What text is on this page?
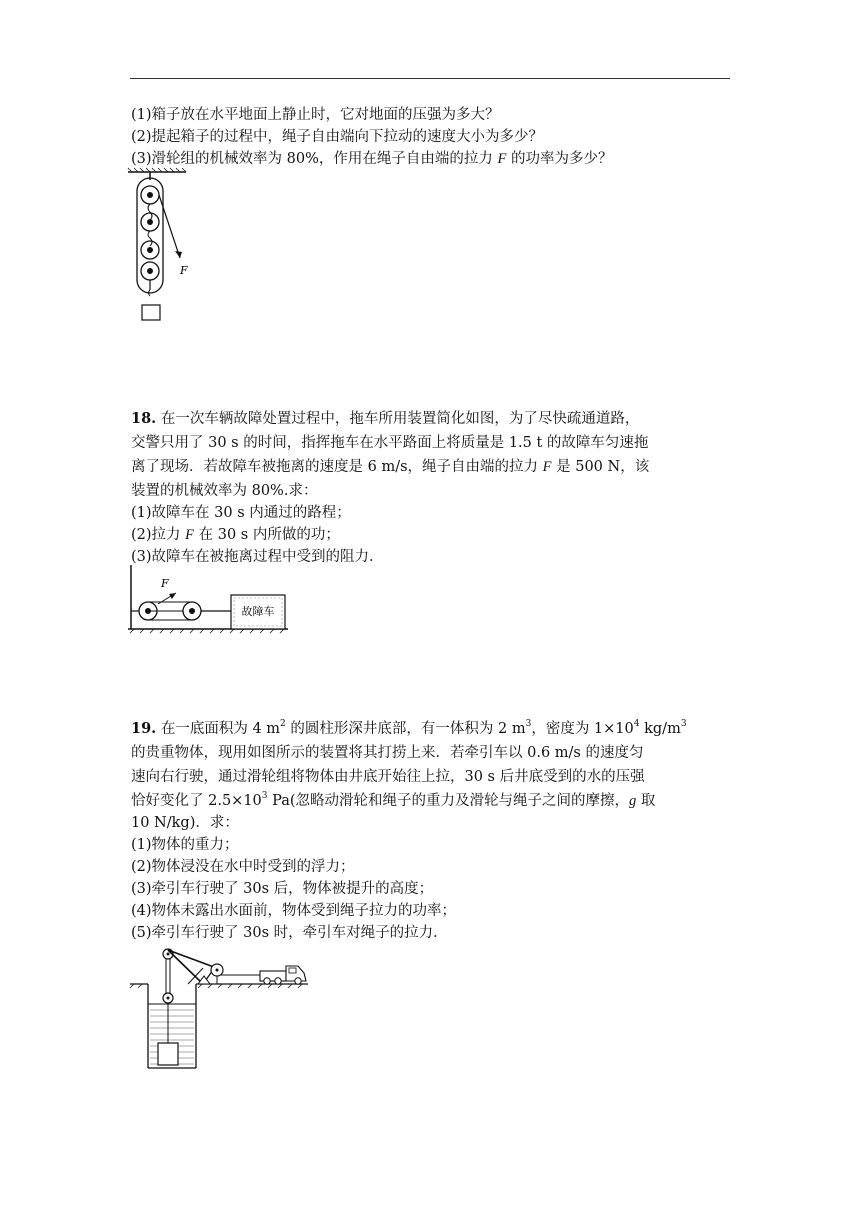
(1)箱子放在水平地面上静止时，它对地面的压强为多大？
(2)提起箱子的过程中，绳子自由端向下拉动的速度大小为多少？
(3)滑轮组的机械效率为 80%，作用在绳子自由端的拉力 F 的功率为多少？
F
18. 在一次车辆故障处置过程中，拖车所用装置简化如图，为了尽快疏通道路，
交警只用了 30 s 的时间，指挥拖车在水平路面上将质量是 1.5 t 的故障车匀速拖
离了现场．若故障车被拖离的速度是 6 m/s，绳子自由端的拉力 F 是 500 N，该
装置的机械效率为 80%.求：
(1)故障车在 30 s 内通过的路程；
(2)拉力 F 在 30 s 内所做的功；
(3)故障车在被拖离过程中受到的阻力．
F
故障车
19. 在一底面积为 4 $m^2$ 的圆柱形深井底部，有一体积为 2 $m^3$，密度为 $1\times 10^4$ $kg/m^3$
的贵重物体，现用如图所示的装置将其打捞上来．若牵引车以 0.6 m/s 的速度匀
速向右行驶，通过滑轮组将物体由井底开始往上拉，30 s 后井底受到的水的压强
恰好变化了 $2.5\times 10^3$ Pa(忽略动滑轮和绳子的重力及滑轮与绳子之间的摩擦，g 取
10 N/kg)．求：
(1)物体的重力；
(2)物体浸没在水中时受到的浮力；
(3)牵引车行驶了 30s 后，物体被提升的高度；
(4)物体未露出水面前，物体受到绳子拉力的功率；
(5)牵引车行驶了 30s 时，牵引车对绳子的拉力．
